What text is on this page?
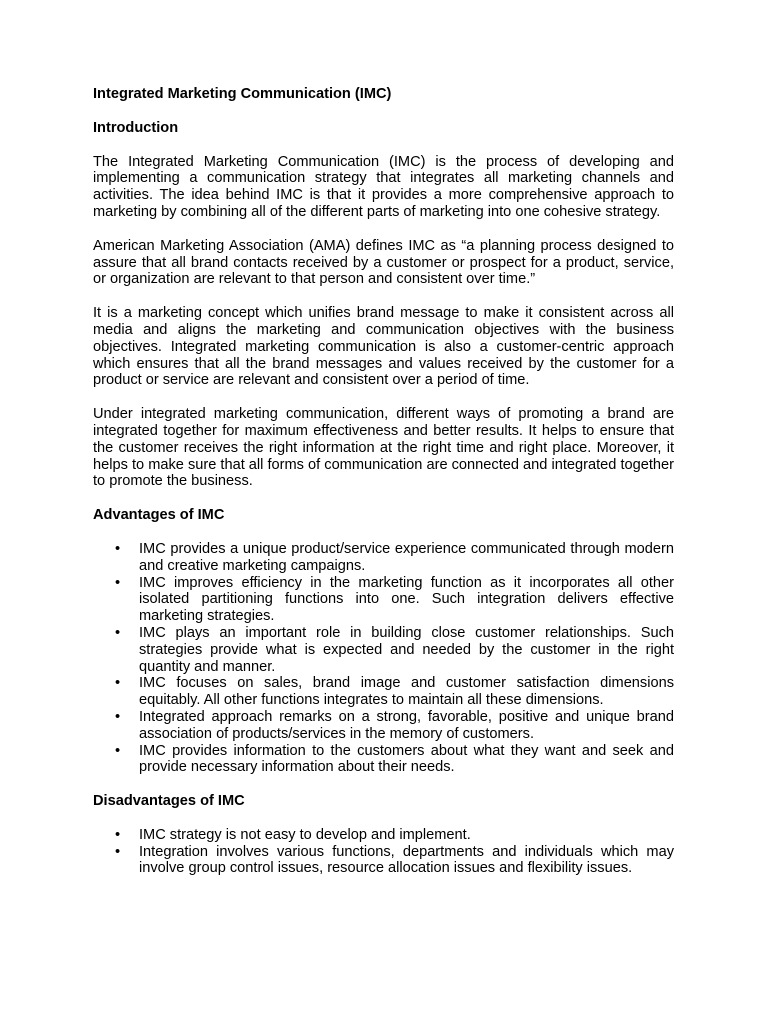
Integrated Marketing Communication (IMC)
Introduction

The Integrated Marketing Communication (IMC) is the process of developing and implementing a communication strategy that integrates all marketing channels and activities. The idea behind IMC is that it provides a more comprehensive approach to marketing by combining all of the different parts of marketing into one cohesive strategy.

American Marketing Association (AMA) defines IMC as “a planning process designed to assure that all brand contacts received by a customer or prospect for a product, service, or organization are relevant to that person and consistent over time.”

It is a marketing concept which unifies brand message to make it consistent across all media and aligns the marketing and communication objectives with the business objectives. Integrated marketing communication is also a customer-centric approach which ensures that all the brand messages and values received by the customer for a product or service are relevant and consistent over a period of time.

Under integrated marketing communication, different ways of promoting a brand are integrated together for maximum effectiveness and better results. It helps to ensure that the customer receives the right information at the right time and right place. Moreover, it helps to make sure that all forms of communication are connected and integrated together to promote the business.

Advantages of IMC
• IMC provides a unique product/service experience communicated through modern and creative marketing campaigns.
• IMC improves efficiency in the marketing function as it incorporates all other isolated partitioning functions into one. Such integration delivers effective marketing strategies.
• IMC plays an important role in building close customer relationships. Such strategies provide what is expected and needed by the customer in the right quantity and manner.
• IMC focuses on sales, brand image and customer satisfaction dimensions equitably. All other functions integrates to maintain all these dimensions.
• Integrated approach remarks on a strong, favorable, positive and unique brand association of products/services in the memory of customers.
• IMC provides information to the customers about what they want and seek and provide necessary information about their needs.
Disadvantages of IMC
• IMC strategy is not easy to develop and implement.
• Integration involves various functions, departments and individuals which may involve group control issues, resource allocation issues and flexibility issues.
